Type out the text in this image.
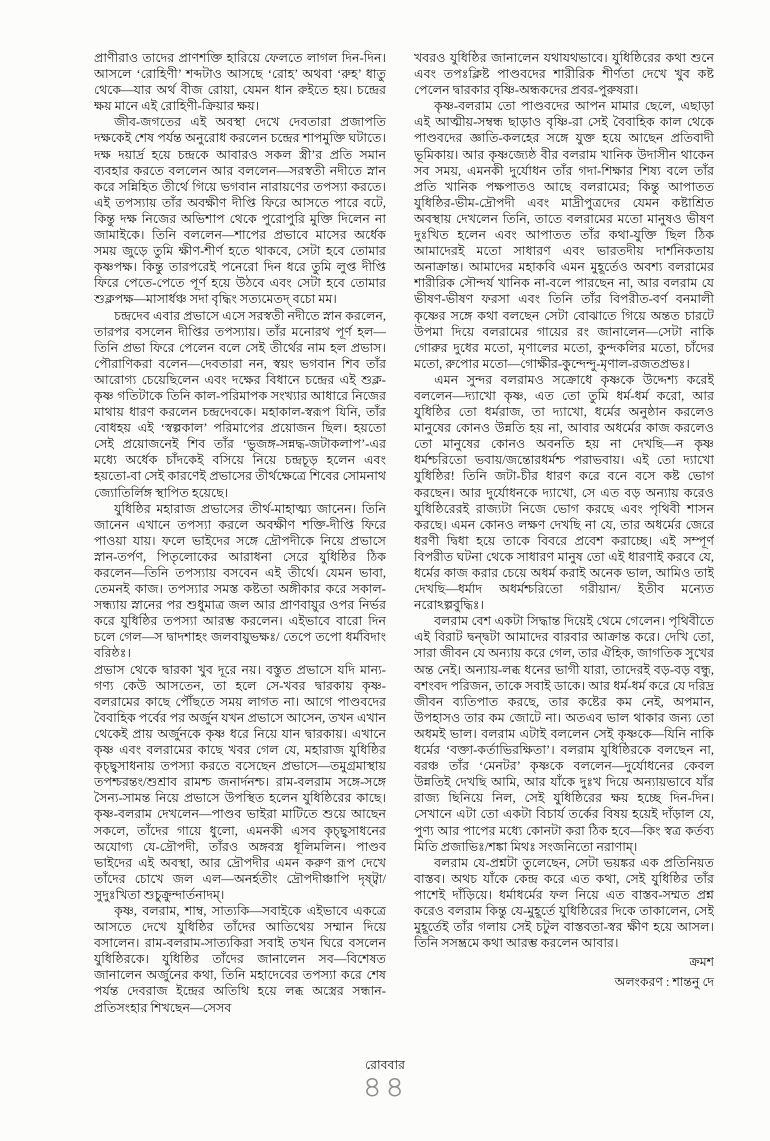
প্রাণীরাও তাদের প্রাণশক্তি হারিয়ে ফেলতে লাগল দিন-দিন। আসলে ‘রোহিণী’ শব্দটাও আসছে ‘রোহ’ অথবা ‘রুহ’ ধাতু থেকে—যার অর্থ বীজ রোয়া, যেমন ধান রুইতে হয়। চন্দ্রের ক্ষয় মানে এই রোহিণী-ক্রিয়ার ক্ষয়।

জীব-জগতের এই অবস্থা দেখে দেবতারা প্রজাপতি দক্ষকেই শেষ পর্যন্ত অনুরোধ করলেন চন্দ্রের শাপমুক্তি ঘটাতে। দক্ষ দয়ার্দ্র হয়ে চন্দ্রকে আবারও সকল স্ত্রী’র প্রতি সমান ব্যবহার করতে বললেন আর বললেন—সরস্বতী নদীতে স্নান করে সন্নিহিত তীর্থে গিয়ে ভগবান নারায়ণের তপস্যা করতে। এই তপস্যায় তাঁর অবক্ষীণ দীপ্তি ফিরে আসতে পারে বটে, কিন্তু দক্ষ নিজের অভিশাপ থেকে পুরোপুরি মুক্তি দিলেন না জামাইকে। তিনি বললেন—শাপের প্রভাবে মাসের অর্ধেক সময় জুড়ে তুমি ক্ষীণ-শীর্ণ হতে থাকবে, সেটা হবে তোমার কৃষ্ণপক্ষ। কিন্তু তারপরেই পনেরো দিন ধরে তুমি লুপ্ত দীপ্তি ফিরে পেতে-পেতে পূর্ণ হয়ে উঠবে এবং সেটা হবে তোমার শুক্লপক্ষ—মাসার্ধঞ্চ সদা বৃদ্ধিং সত্যমেতদ্ বচো মম।

চন্দ্রদেব এবার প্রভাসে এসে সরস্বতী নদীতে স্নান করলেন, তারপর বসলেন দীপ্তির তপস্যায়। তাঁর মনোরথ পূর্ণ হল—তিনি প্রভা ফিরে পেলেন বলে সেই তীর্থের নাম হল প্রভাস। পৌরাণিকরা বলেন—দেবতারা নন, স্বয়ং ভগবান শিব তাঁর আরোগ্য চেয়েছিলেন এবং দক্ষের বিধানে চন্দ্রের এই শুক্ল-কৃষ্ণ গতিটাকে তিনি কাল-পরিমাপক সংখ্যার আধারে নিজের মাথায় ধারণ করলেন চন্দ্রদেবকে। মহাকাল-স্বরূপ যিনি, তাঁর বোধহয় এই ‘স্বল্পকাল’ পরিমাপের প্রয়োজন ছিল। হয়তো সেই প্রয়োজনেই শিব তাঁর ‘ভুজঙ্গ-সন্নদ্ধ-জটাকলাপ’-এর মধ্যে অর্ধেক চাঁদকেই বসিয়ে নিয়ে চন্দ্রচূড় হলেন এবং হয়তো-বা সেই কারণেই প্রভাসের তীর্থক্ষেত্রে শিবের সোমনাথ জ্যোতির্লিঙ্গ স্থাপিত হয়েছে।

যুধিষ্ঠির মহারাজ প্রভাসের তীর্থ-মাহাত্ম্য জানেন। তিনি জানেন এখানে তপস্যা করলে অবক্ষীণ শক্তি-দীপ্তি ফিরে পাওয়া যায়। ফলে ভাইদের সঙ্গে দ্রৌপদীকে নিয়ে প্রভাসে স্নান-তর্পণ, পিতৃলোকের আরাধনা সেরে যুধিষ্ঠির ঠিক করলেন—তিনি তপস্যায় বসবেন এই তীর্থে। যেমন ভাবা, তেমনই কাজ। তপস্যার সমস্ত কষ্টতা অঙ্গীকার করে সকাল-সন্ধ্যায় স্নানের পর শুধুমাত্র জল আর প্রাণবায়ুর ওপর নির্ভর করে যুধিষ্ঠির তপস্যা আরম্ভ করলেন। এইভাবে বারো দিন চলে গেল—স দ্বাদশাহং জলবায়ুভক্ষঃ/ তেপে তপো ধর্মবিদাং বরিষ্ঠঃ।

প্রভাস থেকে দ্বারকা খুব দূরে নয়। বস্তুত প্রভাসে যদি মান্য-গণ্য কেউ আসতেন, তা হলে সে-খবর দ্বারকায় কৃষ্ণ-বলরামের কাছে পৌঁছতে সময় লাগত না। আগে পাণ্ডবদের বৈবাহিক পর্বের পর অর্জুন যখন প্রভাসে আসেন, তখন এখান থেকেই প্রায় অর্জুনকে কৃষ্ণ ধরে নিয়ে যান দ্বারকায়। এখানে কৃষ্ণ এবং বলরামের কাছে খবর গেল যে, মহারাজ যুধিষ্ঠির কৃচ্ছ্বসাধনায় তপস্যা করতে বসেছেন প্রভাসে—তমুগ্রমাস্থায় তপশ্চরন্তং/শুশ্রাব রামশ্চ জনার্দনশ্চ। রাম-বলরাম সঙ্গে-সঙ্গে সৈন্য-সামন্ত নিয়ে প্রভাসে উপস্থিত হলেন যুধিষ্ঠিরের কাছে। কৃষ্ণ-বলরাম দেখলেন—পাণ্ডব ভাইরা মাটিতে শুয়ে আছেন সকলে, তাঁদের গায়ে ধুলো, এমনকী এসব কৃচ্ছ্বসাধনের অযোগ্য যে-দ্রৌপদী, তাঁরও অঙ্গবস্ত্র ধূলিমলিন। পাণ্ডব ভাইদের এই অবস্থা, আর দ্রৌপদীর এমন করুণ রূপ দেখে তাঁদের চোখে জল এল—অনর্হতীং দ্রৌপদীঞ্চাপি দৃষ্ট্বা/সুদুঃখিতা শুচুক্রুন্দার্তনাদম্।

কৃষ্ণ, বলরাম, শাম্ব, সাত্যকি—সবাইকে এইভাবে একত্রে আসতে দেখে যুধিষ্ঠির তাঁদের আতিথেয় সম্মান দিয়ে বসালেন। রাম-বলরাম-সাত্যকিরা সবাই তখন ঘিরে বসলেন যুধিষ্ঠিরকে। যুধিষ্ঠির তাঁদের জানালেন সব—বিশেষত জানালেন অর্জুনের কথা, তিনি মহাদেবের তপস্যা করে শেষ পর্যন্ত দেবরাজ ইন্দ্রের অতিথি হয়ে লব্ধ অস্ত্রের সন্ধান-প্রতিসংহার শিখছেন—সেসব

খবরও যুধিষ্ঠির জানালেন যথাযথভাবে। যুধিষ্ঠিরের কথা শুনে এবং তপঃক্লিষ্ট পাণ্ডবদের শারীরিক শীর্ণতা দেখে খুব কষ্ট পেলেন দ্বারকার বৃষ্ণি-অন্ধকদের প্রবর-পুরুষরা।

কৃষ্ণ-বলরাম তো পাণ্ডবদের আপন মামার ছেলে, এছাড়া এই আত্মীয়-সম্বন্ধ ছাড়াও বৃষ্ণি-রা সেই বৈবাহিক কাল থেকে পাণ্ডবদের জ্ঞাতি-কলহের সঙ্গে যুক্ত হয়ে আছেন প্রতিবাদী ভূমিকায়। আর কৃষ্ণজ্যেষ্ঠ বীর বলরাম খানিক উদাসীন থাকেন সব সময়, এমনকী দুর্যোধন তাঁর গদা-শিক্ষার শিষ্য বলে তাঁর প্রতি খানিক পক্ষপাতও আছে বলরামের; কিন্তু আপাতত যুধিষ্ঠির-ভীম-দ্রৌপদী এবং মাদ্রীপুত্রদের যেমন কষ্টাশ্রিত অবস্থায় দেখলেন তিনি, তাতে বলরামের মতো মানুষও ভীষণ দুঃখিত হলেন এবং আপাতত তাঁর কথা-যুক্তি ছিল ঠিক আমাদেরই মতো সাধারণ এবং ভারতদীয় দার্শনিকতায় অনাক্রান্ত। আমাদের মহাকবি এমন মুহূর্তেও অবশ্য বলরামের শারীরিক সৌন্দর্য খানিক না-বলে পারছেন না, আর বলরাম যে ভীষণ-ভীষণ ফরসা এবং তিনি তাঁর বিপরীত-বর্ণ বনমালী কৃষ্ণের সঙ্গে কথা বলছেন সেটা বোঝাতে গিয়ে অন্তত চারটে উপমা দিয়ে বলরামের গায়ের রং জানালেন—সেটা নাকি গোরুর দুধের মতো, মৃণালের মতো, কুন্দকলির মতো, চাঁদের মতো, রুপোর মতো—গোক্ষীর-কুন্দেন্দু-মৃণাল-রজতপ্রভঃ।

এমন সুন্দর বলরামও সক্রোধে কৃষ্ণকে উদ্দেশ্য করেই বললেন—দ্যাখো কৃষ্ণ, এত তো তুমি ধর্ম-ধর্ম করো, আর যুধিষ্ঠির তো ধর্মরাজ, তা দ্যাখো, ধর্মের অনুষ্ঠান করলেও মানুষের কোনও উন্নতি হয় না, আবার অধর্মের কাজ করলেও তো মানুষের কোনও অবনতি হয় না দেখছি—ন কৃষ্ণ ধর্মশ্চরিতো ভবায়/জন্তোরধর্মশ্চ পরাভবায়। এই তো দ্যাখো যুধিষ্ঠির! তিনি জটা-চীর ধারণ করে বনে বসে কষ্ট ভোগ করছেন। আর দুর্যোধনকে দ্যাখো, সে এত বড় অন্যায় করেও যুধিষ্ঠিরেরই রাজ্যটা নিজে ভোগ করছে এবং পৃথিবী শাসন করছে। এমন কোনও লক্ষণ দেখছি না যে, তার অধর্মের জেরে ধরণী দ্বিধা হয়ে তাকে বিবরে প্রবেশ করাচ্ছে। এই সম্পূর্ণ বিপরীত ঘটনা থেকে সাধারণ মানুষ তো এই ধারণাই করবে যে, ধর্মের কাজ করার চেয়ে অধর্ম করাই অনেক ভাল, আমিও তাই দেখছি—ধর্মাদ অধর্মশ্চরিতো গরীয়ান/ ইতীব মন্যেত নরোঽল্পবুদ্ধিঃ।

বলরাম বেশ একটা সিদ্ধান্ত দিয়েই থেমে গেলেন। পৃথিবীতে এই বিরাট দ্বন্দ্বটা আমাদের বারবার আক্রান্ত করে। দেখি তো, সারা জীবন যে অন্যায় করে গেল, তার ঐহিক, জাগতিক সুখের অন্ত নেই। অন্যায়-লব্ধ ধনের ভাগী যারা, তাদেরই বড়-বড় বন্ধু, বশংবদ পরিজন, তাকে সবাই ডাকে। আর ধর্ম-ধর্ম করে যে দরিদ্র জীবন ব্যতিপাত করছে, তার কষ্টের কম নেই, অপমান, উপহাসও তার কম জোটে না। অতএব ভাল থাকার জন্য তো অধমই ভাল। বলরাম এটাই বললেন সেই কৃষ্ণকে—যিনি নাকি ধর্মের ‘বক্তা-কর্তাভিরক্ষিতা’। বলরাম যুধিষ্ঠিরকে বলছেন না, বরঞ্চ তাঁর ‘মেনটর’ কৃষ্ণকে বললেন—দুর্যোধনের কেবল উন্নতিই দেখছি আমি, আর যাঁকে দুঃখ দিয়ে অন্যায়ভাবে যাঁর রাজ্য ছিনিয়ে নিল, সেই যুধিষ্ঠিরের ক্ষয় হচ্ছে দিন-দিন। সেখানে এটা তো একটা বিচার্য তর্কের বিষয় হয়েই দাঁড়াল যে, পুণ্য আর পাপের মধ্যে কোনটা করা ঠিক হবে—কিং স্বত্র কর্তব্য মিতি প্রজাভিঃ/শঙ্কা মিথঃ সংজনিতো নরাণাম্।

বলরাম যে-প্রশ্নটা তুলেছেন, সেটা ভয়ঙ্কর এক প্রতিনিয়ত বাস্তব। অথচ যাঁকে কেন্দ্র করে এত কথা, সেই যুধিষ্ঠির তাঁর পাশেই দাঁড়িয়ে। ধর্মাধর্মের ফল নিয়ে এত বাস্তব-সম্মত প্রশ্ন করেও বলরাম কিন্তু যে-মুহূর্তে যুধিষ্ঠিরের দিকে তাকালেন, সেই মুহূর্তেই তাঁর গলায় সেই চটুল বাস্তবতা-স্বর ক্ষীণ হয়ে আসল। তিনি সসম্ভ্রমে কথা আরম্ভ করলেন আবার।

ক্রমশ
অলংকরণ : শান্তনু দে
রোববার
৪৪
